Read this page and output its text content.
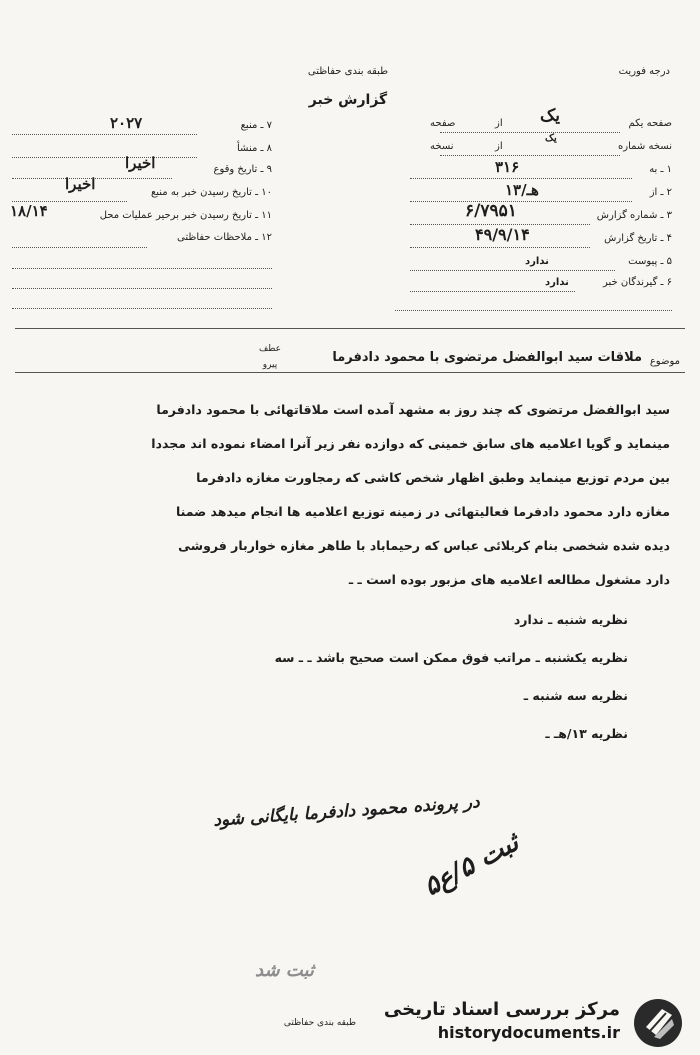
طبقه بندی حفاظتی
گزارش خبر
درجه فوریت
۷ ـ منبع
۲۰۲۷
۸ ـ منشأ
۹ ـ تاریخ وقوع
اخیرا
۱۰ ـ تاریخ رسیدن خبر به منبع
اخیرا
۱۱ ـ تاریخ رسیدن خبر برحیر عملیات محل
۱۸/۱۴
۱۲ ـ ملاحظات حفاظتی
صفحه یکم
از یک
صفحه
نسخه شماره
از
یک
نسخه
۱ ـ به
۳۱۶
۲ ـ از
۱۳/هـ
۳ ـ شماره گزارش
۶/۷۹۵۱
۴ ـ تاریخ گزارش
۴۹/۹/۱۴
۵ ـ پیوست
ندارد
۶ ـ گیرندگان خبر
ندارد
موضوع
ملاقات سید ابوالفضل مرتضوی با محمود دادفرما
عطف
پیرو
سید ابوالفضل مرتضوی که چند روز به مشهد آمده است ملاقاتهائی با محمود دادفرما
مینماید و گویا اعلامیه های سابق خمینی که دوازده نفر زیر آنرا امضاء نموده اند مجددا
بین مردم توزیع مینماید وطبق اظهار شخص کاشی که رمجاورت مغازه دادفرما
مغازه دارد محمود دادفرما فعالیتهائی در زمینه توزیع اعلامیه ها انجام میدهد ضمنا
دیده شده شخصی بنام کربلائی عباس که رحیماباد با طاهر مغازه خواربار فروشی
دارد مشغول مطالعه اعلامیه های مزبور بوده است ـ ـ
نظریه شنبه ـ ندارد
نظریه یکشنبه ـ مراتب فوق ممکن است صحیح باشد ـ ـ سه
نظریه سه شنبه ـ
نظریه ۱۳/هـ ـ
در پرونده محمود دادفرما بایگانی شود
ثبت ۵/ع۵
ثبت شد
طبقه بندی حفاظتی
مرکز بررسی اسناد تاریخی
historydocuments.ir
